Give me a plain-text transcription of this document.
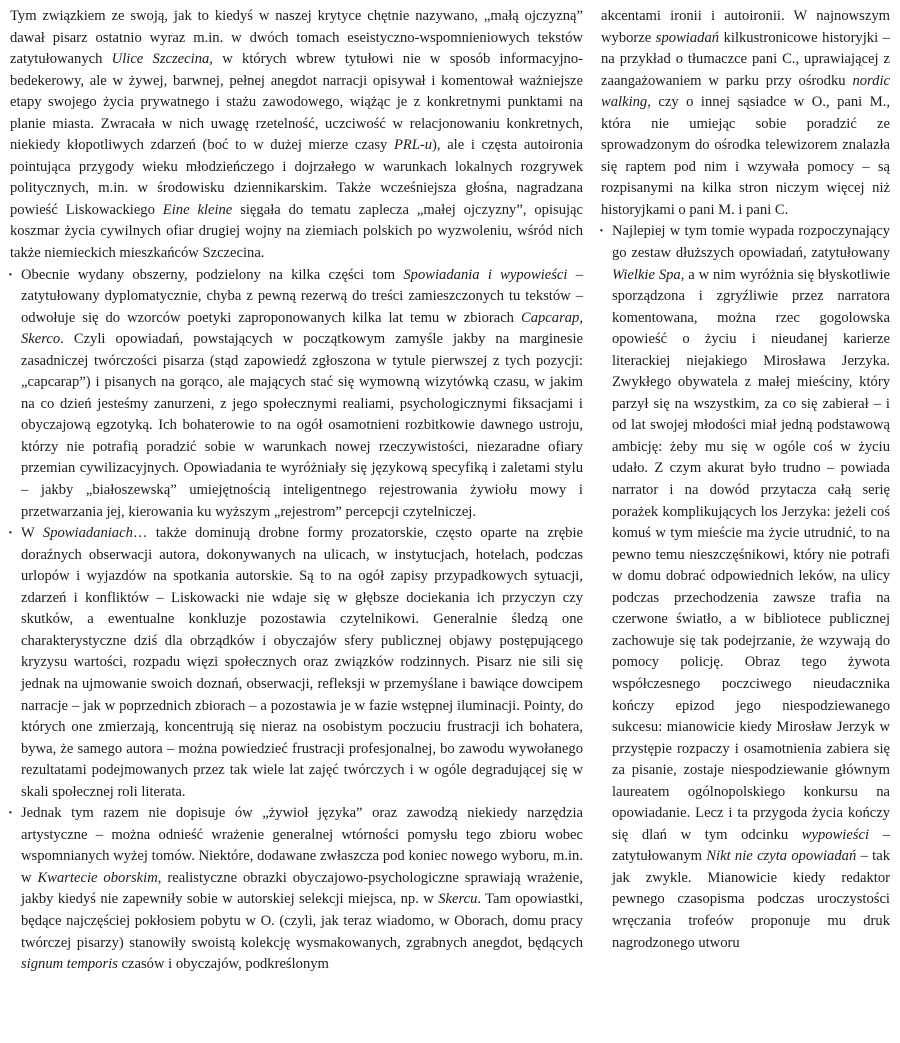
Tym związkiem ze swoją, jak to kiedyś w naszej krytyce chętnie nazywano, „małą ojczyzną” dawał pisarz ostatnio wyraz m.in. w dwóch tomach eseistyczno-wspomnieniowych tekstów zatytułowanych Ulice Szczecina, w których wbrew tytułowi nie w sposób informacyjno-bedekerowy, ale w żywej, barwnej, pełnej anegdot narracji opisywał i komentował ważniejsze etapy swojego życia prywatnego i stażu zawodowego, wiążąc je z konkretnymi punktami na planie miasta. Zwracała w nich uwagę rzetelność, uczciwość w relacjonowaniu konkretnych, niekiedy kłopotliwych zdarzeń (boć to w dużej mierze czasy PRL-u), ale i częsta autoironia pointująca przygody wieku młodzieńczego i dojrzałego w warunkach lokalnych rozgrywek politycznych, m.in. w środowisku dziennikarskim. Także wcześniejsza głośna, nagradzana powieść Liskowackiego Eine kleine sięgała do tematu zaplecza „małej ojczyzny”, opisując koszmar życia cywilnych ofiar drugiej wojny na ziemiach polskich po wyzwoleniu, wśród nich także niemieckich mieszkańców Szczecina.

· Obecnie wydany obszerny, podzielony na kilka części tom Spowiadania i wypowieści – zatytułowany dyplomatycznie, chyba z pewną rezerwą do treści zamieszczonych tu tekstów – odwołuje się do wzorców poetyki zaproponowanych kilka lat temu w zbiorach Capcarap, Skerco. Czyli opowiadań, powstających w początkowym zamyśle jakby na marginesie zasadniczej twórczości pisarza (stąd zapowiedź zgłoszona w tytule pierwszej z tych pozycji: „capcarap”) i pisanych na gorąco, ale mających stać się wymowną wizytówką czasu, w jakim na co dzień jesteśmy zanurzeni, z jego społecznymi realiami, psychologicznymi fiksacjami i obyczajową egzotyką. Ich bohaterowie to na ogół osamotnieni rozbitkowie dawnego ustroju, którzy nie potrafią poradzić sobie w warunkach nowej rzeczywistości, niezaradne ofiary przemian cywilizacyjnych. Opowiadania te wyróżniały się językową specyfiką i zaletami stylu – jakby „białoszewską” umiejętnością inteligentnego rejestrowania żywiołu mowy i przetwarzania jej, kierowania ku wyższym „rejestrom” percepcji czytelniczej.

· W Spowiadaniach… także dominują drobne formy prozatorskie, często oparte na zrębie doraźnych obserwacji autora, dokonywanych na ulicach, w instytucjach, hotelach, podczas urlopów i wyjazdów na spotkania autorskie. Są to na ogół zapisy przypadkowych sytuacji, zdarzeń i konfliktów – Liskowacki nie wdaje się w głębsze dociekania ich przyczyn czy skutków, a ewentualne konkluzje pozostawia czytelnikowi. Generalnie śledzą one charakterystyczne dziś dla obrządków i obyczajów sfery publicznej objawy postępującego kryzysu wartości, rozpadu więzi społecznych oraz związków rodzinnych. Pisarz nie sili się jednak na ujmowanie swoich doznań, obserwacji, refleksji w przemyślane i bawiące dowcipem narracje – jak w poprzednich zbiorach – a pozostawia je w fazie wstępnej iluminacji. Pointy, do których one zmierzają, koncentrują się nieraz na osobistym poczuciu frustracji ich bohatera, bywa, że samego autora – można powiedzieć frustracji profesjonalnej, bo zawodu wywołanego rezultatami podejmowanych przez tak wiele lat zajęć twórczych i w ogóle degradującej się w skali społecznej roli literata.

· Jednak tym razem nie dopisuje ów „żywioł języka” oraz zawodzą niekiedy narzędzia artystyczne – można odnieść wrażenie generalnej wtórności pomysłu tego zbioru wobec wspomnianych wyżej tomów. Niektóre, dodawane zwłaszcza pod koniec nowego wyboru, m.in. w Kwartecie oborskim, realistyczne obrazki obyczajowo-psychologiczne sprawiają wrażenie, jakby kiedyś nie zapewniły sobie w autorskiej selekcji miejsca, np. w Skercu. Tam opowiastki, będące najczęściej pokłosiem pobytu w O. (czyli, jak teraz wiadomo, w Oborach, domu pracy twórczej pisarzy) stanowiły swoistą kolekcję wysmakowanych, zgrabnych anegdot, będących signum temporis czasów i obyczajów, podkreślonym

akcentami ironii i autoironii. W najnowszym wyborze spowiadań kilkustronicowe historyjki – na przykład o tłumaczce pani C., uprawiającej z zaangażowaniem w parku przy ośrodku nordic walking, czy o innej sąsiadce w O., pani M., która nie umiejąc sobie poradzić ze sprowadzonym do ośrodka telewizorem znalazła się raptem pod nim i wzywała pomocy – są rozpisanymi na kilka stron niczym więcej niż historyjkami o pani M. i pani C.

· Najlepiej w tym tomie wypada rozpoczynający go zestaw dłuższych opowiadań, zatytułowany Wielkie Spa, a w nim wyróżnia się błyskotliwie sporządzona i zgryźliwie przez narratora komentowana, można rzec gogolowska opowieść o życiu i nieudanej karierze literackiej niejakiego Mirosława Jerzyka. Zwykłego obywatela z małej mieściny, który parzył się na wszystkim, za co się zabierał – i od lat swojej młodości miał jedną podstawową ambicję: żeby mu się w ogóle coś w życiu udało. Z czym akurat było trudno – powiada narrator i na dowód przytacza całą serię porażek komplikujących los Jerzyka: jeżeli coś komuś w tym mieście ma życie utrudnić, to na pewno temu nieszczęśnikowi, który nie potrafi w domu dobrać odpowiednich leków, na ulicy podczas przechodzenia zawsze trafia na czerwone światło, a w bibliotece publicznej zachowuje się tak podejrzanie, że wzywają do pomocy policję. Obraz tego żywota współczesnego poczciwego nieudacznika kończy epizod jego niespodziewanego sukcesu: mianowicie kiedy Mirosław Jerzyk w przystępie rozpaczy i osamotnienia zabiera się za pisanie, zostaje niespodziewanie głównym laureatem ogólnopolskiego konkursu na opowiadanie. Lecz i ta przygoda życia kończy się dlań w tym odcinku wypowieści – zatytułowanym Nikt nie czyta opowiadań – tak jak zwykle. Mianowicie kiedy redaktor pewnego czasopisma podczas uroczystości wręczania trofeów proponuje mu druk nagrodzonego utworu
